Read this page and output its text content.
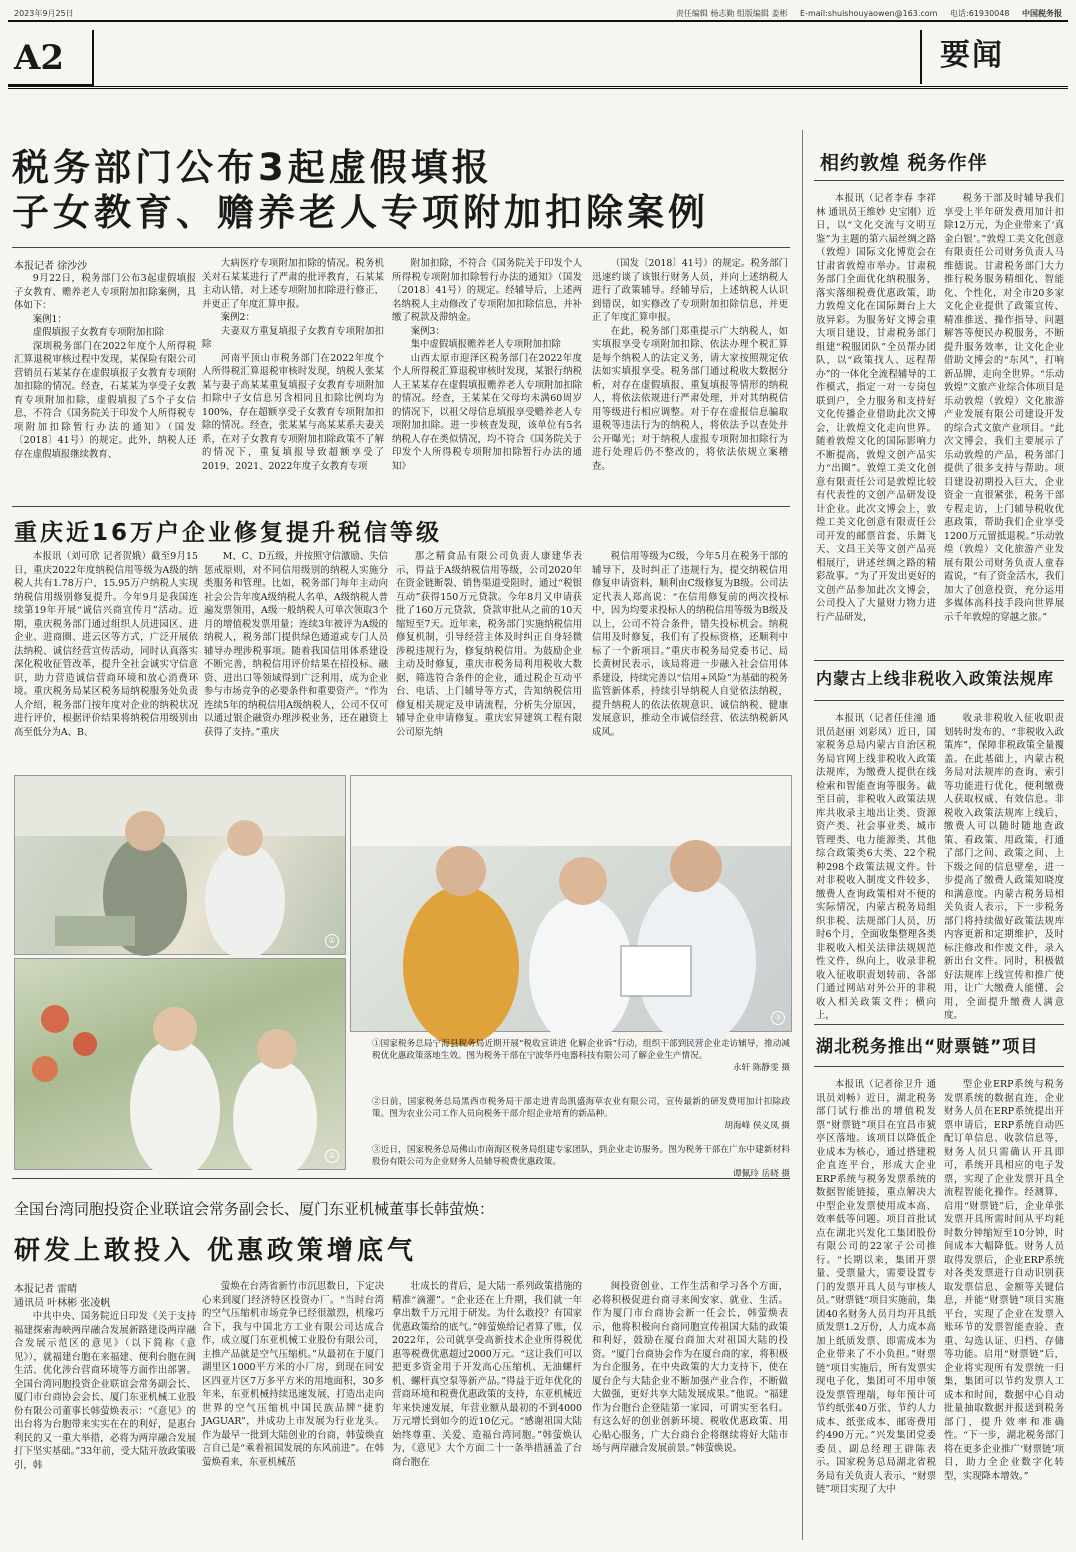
2023年9月25日	责任编辑 杨志勤 组版编辑 姜彬 E-mail:shuishouyaowen@163.com 电话:61930048 中国税务报
A2	要闻
税务部门公布3起虚假填报
子女教育、赡养老人专项附加扣除案例
本报记者 徐沙沙

9月22日，税务部门公布3起虚假填报子女教育、赡养老人专项附加扣除案例，具体如下：

案例1：

虚假填报子女教育专项附加扣除

深圳税务部门在2022年度个人所得税汇算退税审核过程中发现，某保险有限公司营销员石某某存在虚假填报子女教育专项附加扣除的情况。经查，石某某为享受子女教育专项附加扣除，虚假填报了5个子女信息，不符合《国务院关于印发个人所得税专项附加扣除暂行办法的通知》（国发〔2018〕41号）的规定。此外，纳税人还存在虚假填报继续教育、

大病医疗专项附加扣除的情况。税务机关对石某某进行了严肃的批评教育，石某某主动认错，对上述专项附加扣除进行修正，并更正了年度汇算申报。

案例2：

夫妻双方重复填报子女教育专项附加扣除

河南平顶山市税务部门在2022年度个人所得税汇算退税审核时发现，纳税人张某某与妻子高某某重复填报子女教育专项附加扣除中子女信息另含相同且扣除比例均为100%，存在超额享受子女教育专项附加扣除的情况。经查，张某某与高某某系夫妻关系，在对子女教育专项附加扣除政策不了解的情况下，重复填报导致超额享受了2019、2021、2022年度子女教育专项

附加扣除，不符合《国务院关于印发个人所得税专项附加扣除暂行办法的通知》（国发〔2018〕41号）的规定。经辅导后，上述两名纳税人主动修改了专项附加扣除信息，并补缴了税款及滞纳金。

案例3：

集中虚假填报赡养老人专项附加扣除

山西太原市迎泽区税务部门在2022年度个人所得税汇算退税审核时发现，某银行纳税人王某某存在虚假填报赡养老人专项附加扣除的情况。经查，王某某在父母均未满60周岁的情况下，以祖父母信息填报享受赡养老人专项附加扣除。进一步核查发现，该单位有5名纳税人存在类似情况，均不符合《国务院关于印发个人所得税专项附加扣除暂行办法的通知》

（国发〔2018〕41号）的规定。税务部门迅速约谈了该银行财务人员，并向上述纳税人进行了政策辅导。经辅导后，上述纳税人认识到错误，如实修改了专项附加扣除信息，并更正了年度汇算申报。

在此，税务部门郑重提示广大纳税人，如实填报享受专项附加扣除、依法办理个税汇算是每个纳税人的法定义务，请大家按照规定依法如实填报享受。税务部门通过税收大数据分析，对存在虚假填报、重复填报等情形的纳税人，将依法依规进行严肃处理，并对其纳税信用等级进行相应调整。对于存在虚报信息骗取退税等违法行为的纳税人，将依法予以查处并公开曝光；对于纳税人虚报专项附加扣除行为进行处理后仍不整改的，将依法依规立案稽查。

重庆近16万户企业修复提升税信等级

本报讯（刘可欣 记者贺娥）截至9月15日，重庆2022年度纳税信用等级为A级的纳税人共有1.78万户，15.95万户纳税人实现纳税信用级别修复提升。今年9月是我国连续第19年开展“诚信兴商宣传月”活动。近期，重庆税务部门通过组织人员进园区、进企业、进商圈、进云区等方式，广泛开展依法纳税、诚信经营宣传活动，同时认真落实深化税收征管改革，提升全社会诚实守信意识，助力营造诚信营商环境和放心消费环境。重庆税务局某区税务局纳税服务处负责人介绍，税务部门按年度对企业的纳税状况进行评价，根据评价结果将纳税信用级别由高至低分为A、B、

M、C、D五级，并按照守信激励、失信惩戒原则，对不同信用级别的纳税人实施分类服务和管理。比如，税务部门每年主动向社会公告年度A级纳税人名单，A级纳税人普遍发票领用，A级一般纳税人可单次领取3个月的增值税发票用量；连续3年被评为A级的纳税人，税务部门提供绿色通道或专门人员辅导办理涉税事项。随着我国信用体系建设不断完善，纳税信用评价结果在招投标、融资、进出口等领域得到广泛利用，成为企业参与市场竞争的必要条件和重要资产。“作为连续5年的纳税信用A级纳税人，公司不仅可以通过银企融资办理涉税业务，还在融资上获得了支持。”重庆

那之精食品有限公司负责人康建华表示，得益于A级纳税信用等级，公司2020年在资金链断裂、销售渠道受阻时，通过“税银互动”获得150万元贷款。今年8月又申请获批了160万元贷款，贷款审批从之前的10天缩短至7天。近年来，税务部门实施纳税信用修复机制，引导经营主体及时纠正自身轻微涉税违规行为，修复纳税信用。为鼓励企业主动及时修复，重庆市税务局利用税收大数据，筛选符合条件的企业，通过税企互动平台、电话、上门辅导等方式，告知纳税信用修复相关规定及申请流程，分析失分原因，辅导企业申请修复。重庆宏昇建筑工程有限公司原先纳

税信用等级为C级，今年5月在税务干部的辅导下，及时纠正了违规行为，提交纳税信用修复申请资料，顺利由C级修复为B级。公司法定代表人郑高说：“在信用修复前的两次投标中，因为均要求投标人的纳税信用等级为B级及以上，公司不符合条件，错失投标机会。纳税信用及时修复，我们有了投标资格，还顺利中标了一个新项目。”重庆市税务局党委书记、局长黄树民表示，该局将进一步融入社会信用体系建设，持续完善以“信用+风险”为基础的税务监管新体系，持续引导纳税人自觉依法纳税，提升纳税人的依法依规意识、诚信纳税、健康发展意识，推动全市诚信经营、依法纳税新风成风。

①
②
③
①国家税务总局宁海县税务局近期开展“税收宣讲进 化解企业诉”行动，组织干部到民营企业走访辅导，推动减税优化惠政策落地生效。图为税务干部在宁波华丹电器科技有限公司了解企业生产情况。
永轩 陈静雯 摄
②日前，国家税务总局黑西市税务局干部走进青岛凯盛海草农业有限公司，宣传最新的研发费用加计扣除政策。图为农业公司工作人员向税务干部介绍企业培育的新品种。
胡海峰 侯义凤 摄
③近日，国家税务总局佛山市南海区税务局组建专家团队，到企业走访服务。图为税务干部在广东中建新材料股份有限公司为企业财务人员辅导税费优惠政策。
谭佩玲 岳晓 摄
全国台湾同胞投资企业联谊会常务副会长、厦门东亚机械董事长韩萤焕：
研发上敢投入 优惠政策增底气
本报记者 雷晴
通讯员 叶林彬 张凌帆

中共中央、国务院近日印发《关于支持福建探索海峡两岸融合发展新路建设两岸融合发展示范区的意见》（以下简称《意见》），就福建台胞在来福建、便利台胞在闽生活、优化涉台营商环境等方面作出部署。全国台湾同胞投资企业联谊会常务副会长、厦门市台商协会会长、厦门东亚机械工业股份有限公司董事长韩萤焕表示：“《意见》的出台将为台胞带来实实在在的利好，是惠台利民的又一重大举措，必将为两岸融合发展打下坚实基础。”33年前，受大陆开放政策吸引，韩

萤焕在台湾省新竹市沉思数日，下定决心来到厦门经济特区投资办厂。“当时台湾的空气压缩机市场竞争已经很激烈，机缘巧合下，我与中国北方工业有限公司达成合作，成立厦门东亚机械工业股份有限公司，主推产品就是空气压缩机。”从最初在于厦门湖里区1000平方米的小厂房，到现在同安区四亚片区7万多平方米的用地面积，30多年来，东亚机械持续迅速发展，打造出走向世界的空气压缩机中国民族品牌“捷豹JAGUAR”，并成功上市发展为行业龙头。作为最早一批到大陆创业的台商，韩萤焕直言自己是“乘着祖国发展的东风前进”。在韩萤焕看来，东亚机械茁

壮成长的背后，是大陆一系列政策措施的精准“滴灌”。“企业还在上升期，我们就一年拿出数千万元用于研发。为什么敢投？有国家优惠政策给的底气。”韩萤焕给记者算了账，仅2022年，公司就享受高新技术企业所得税优惠等税费优惠超过2000万元。“这让我们可以把更多资金用于开发高心压缩机、无油螺杆机、螺杆真空泵等新产品。”得益于近年优化的营商环境和税费优惠政策的支持，东亚机械近年来快速发展，年营业额从最初的不到4000万元增长到如今的近10亿元。“感谢祖国大陆始终尊重、关爱、造福台湾同胞。”韩萤焕认为，《意见》大个方面二十一条举措涵盖了台商台胞在

闽投资创业、工作生活和学习各个方面，必将积极促进台商寻来闽安家、就业、生活。作为厦门市台商协会新一任会长，韩萤焕表示，他将积极向台商同胞宣传祖国大陆的政策和利好，鼓励在厦台商加大对祖国大陆的投资。“厦门台商协会作为在厦台商的家，将积极为台企服务，在中央政策的大力支持下，使在厦台企与大陆企业不断加强产业合作，不断做大做强，更好共享大陆发展成果。”他说。“福建作为台胞台企登陆第一家园，可谓实至名归。有这么好的创业创新环境、税收优惠政策、用心贴心服务，广大台商台企将继续将好大陆市场与两岸融合发展前景。”韩萤焕说。

相约敦煌 税务作伴

本报讯（记者李春 李祥林 通讯员王维妙 史宝刚）近日，以“文化交流与文明互鉴”为主题的第六届丝绸之路（敦煌）国际文化博览会在甘肃省敦煌市举办。甘肃税务部门全面优化纳税服务，落实落细税费优惠政策，助力敦煌文化在国际舞台上大放异彩。为服务好文博会重大项目建设，甘肃税务部门组建“税服团队”全员帮办团队，以“政策找人、远程帮办”的一体化全流程辅导的工作模式，指定一对一专岗包联到户，全力服务和支持好文化传播企业借助此次文博会，让敦煌文化走向世界。随着敦煌文化的国际影响力不断提高，敦煌文创产品实力“出圈”。敦煌工美文化创意有限责任公司是敦煌比较有代表性的文创产品研发设计企业。此次文博会上，敦煌工美文化创意有限责任公司开发的邮票首套、乐舞飞天、文昌王关等文创产品亮相展厅，讲述丝绸之路的精彩故事。“为了开发出更好的文创产品参加此次文博会，公司投入了大量财力物力进行产品研发，

税务干部及时辅导我们享受上半年研发费用加计扣除12万元，为企业带来了‘真金白银’。”敦煌工美文化创意有限责任公司财务负责人马维德说。甘肃税务部门大力推行税务服务精细化、智能化、个性化，对全市20多家文化企业提供了政策宣传、精准推送、操作指导、问题解答等便民办税服务，不断提升服务效率，让文化企业借助文博会的“东风”，打响新品牌，走向全世界。“乐动敦煌”文旅产业综合体项目是乐动敦煌（敦煌）文化旅游产业发展有限公司建设开发的综合式文旅产业项目。“此次文博会，我们主要展示了乐动敦煌的产品，税务部门提供了很多支持与帮助。项目建设初期投入巨大，企业资金一直很紧张，税务干部专程走访，上门辅导税收优惠政策，帮助我们企业享受1200万元留抵退税。”乐动敦煌（敦煌）文化旅游产业发展有限公司财务负责人童春霞说，“有了资金活水，我们加大了创意投资，充分运用多媒体高科技手段向世界展示千年敦煌的穿越之旅。”

内蒙古上线非税收入政策法规库

本报讯（记者任佳潼 通讯员赵丽 刘彩凤）近日，国家税务总局内蒙古自治区税务局官网上线非税收入政策法规库，为缴费人提供在线检索和智能查询等服务。截至目前，非税收入政策法规库共收录主地出让类、资源资产类、社会事业类、城市管理类、电力能源类、其他综合政策类6大类、22个税种298个政策法规文件。针对非税收入制度文件较多，缴费人查询政策相对不便的实际情况，内蒙古税务局组织非税、法规部门人员，历时6个月，全面收集整理各类非税收入相关法律法规规范性文件，纵向上，收录非税收入征收职责划转前、各部门通过网站对外公开的非税收入相关政策文件；横向上，

收录非税收入征收职责划转时发布的、“非税收入政策库”，保障非税政策全量覆盖。在此基础上，内蒙古税务局对法规库的查询、索引等功能进行优化，便利缴费人获取权威、有效信息。非税收入政策法规库上线后，缴费人可以随时随地查政策、看政策、用政策，打通了部门之间、政策之间、上下级之间的信息壁垒，进一步提高了缴费人政策知晓度和满意度。内蒙古税务局相关负责人表示，下一步税务部门将持续做好政策法规库内容更新和定期维护，及时标注修改和作废文件，录入新出台文件。同时，积极做好法规库上线宣传和推广使用，让广大缴费人能懂、会用，全面提升缴费人满意度。

湖北税务推出“财票链”项目

本报讯（记者徐卫升 通讯员刘畅）近日，湖北税务部门试行推出的增值税发票“财票链”项目在宜昌市猇亭区落地。该项目以降低企业成本为核心，通过搭建税企直连平台，形成大企业ERP系统与税务发票系统的数据智能链接，重点解决大中型企业发票使用成本高、效率低等问题。项目首批试点在湖北兴发化工集团股份有限公司的22家子公司推行。“长期以来，集团开票量、受票量大，需要设置专门的发票开具人员与审核人员。”财票链“项目实施前，集团40名财务人员月均开具纸质发票1.2万份，人力成本高加上纸质发票、即需成本为企业带来了不小负担。”财票链“项目实施后，所有发票实现电子化，集团可不用申领设发票管理端，每年预计可节约纸张40万张、节约人力成本、纸张成本、邮寄费用约490万元。”兴发集团党委委员、副总经理王辟陈表示。国家税务总局湖北省税务局有关负责人表示，“财票链”项目实现了大中

型企业ERP系统与税务发票系统的数据直连，企业财务人员在ERP系统提出开票申请后，ERP系统自动匹配订单信息、收款信息等，财务人员只需确认开具即可，系统开具相应的电子发票，实现了企业发票开具全流程智能化操作。经测算，启用“财票链”后，企业单张发票开具所需时间从平均耗时数分钟缩短至10分钟，时间成本大幅降低。财务人员取得发票后，企业ERP系统对各类发票进行自动识别获取发票信息、金额等关键信息，并能“财票链”项目实施平台，实现了企业在发票入账环节的发票智能查验、查重、勾选认证、归档、存储等功能。启用“财票链”后，企业将实现所有发票统一归集，集团可以节约发票人工成本和时间，数据中心自动批量抽取数据并报送到税务部门，提升效率和准确性。“下一步，湖北税务部门将在更多企业推广‘财票链’项目，助力全企业数字化转型，实现降本增效。”
